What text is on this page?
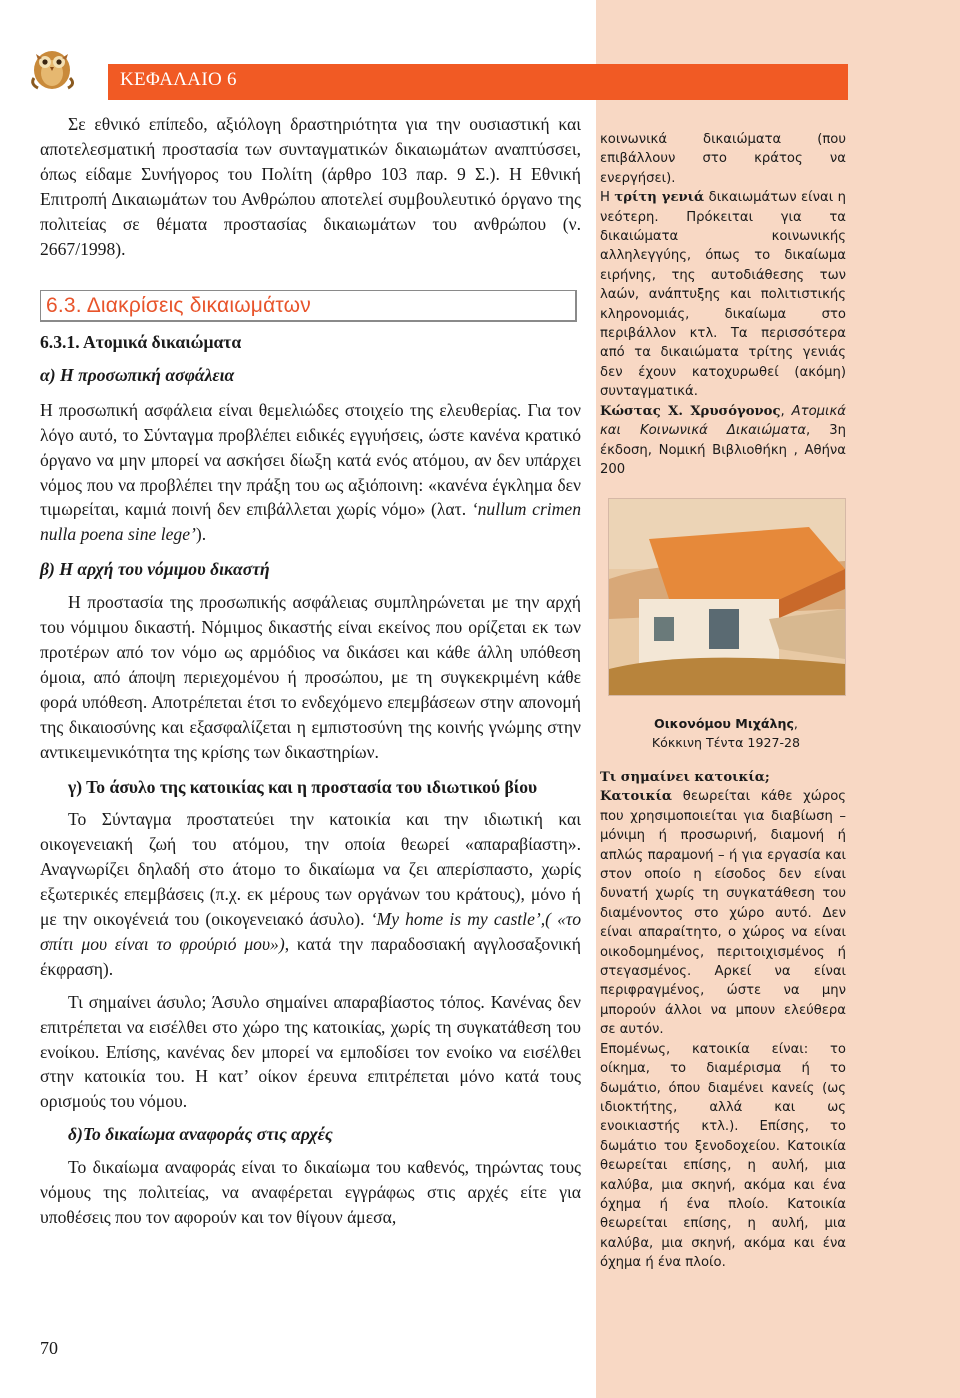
ΚΕΦΑΛΑΙΟ 6

Σε εθνικό επίπεδο, αξιόλογη δραστηριότητα για την ουσιαστική και αποτελεσματική προστασία των συνταγματικών δικαιωμάτων αναπτύσσει, όπως είδαμε Συνήγορος του Πολίτη (άρθρο 103 παρ. 9 Σ.). Η Εθνική Επιτροπή Δικαιωμάτων του Ανθρώπου αποτελεί συμβουλευτικό όργανο της πολιτείας σε θέματα προστασίας δικαιωμάτων του ανθρώπου (ν. 2667/1998).

6.3. Διακρίσεις δικαιωμάτων

6.3.1. Ατομικά δικαιώματα

α) Η προσωπική ασφάλεια

Η προσωπική ασφάλεια είναι θεμελιώδες στοιχείο της ελευθερίας. Για τον λόγο αυτό, το Σύνταγμα προβλέπει ειδικές εγγυήσεις, ώστε κανένα κρατικό όργανο να μην μπορεί να ασκήσει δίωξη κατά ενός ατόμου, αν δεν υπάρχει νόμος που να προβλέπει την πράξη του ως αξιόποινη: «κανένα έγκλημα δεν τιμωρείται, καμιά ποινή δεν επιβάλλεται χωρίς νόμο» (λατ. ‘nullum crimen nulla poena sine lege’).

β) Η αρχή του νόμιμου δικαστή

Η προστασία της προσωπικής ασφάλειας συμπληρώνεται με την αρχή του νόμιμου δικαστή. Νόμιμος δικαστής είναι εκείνος που ορίζεται εκ των προτέρων από τον νόμο ως αρμόδιος να δικάσει και κάθε άλλη υπόθεση όμοια, από άποψη περιεχομένου ή προσώπου, με τη συγκεκριμένη κάθε φορά υπόθεση. Αποτρέπεται έτσι το ενδεχόμενο επεμβάσεων στην απονομή της δικαιοσύνης και εξασφαλίζεται η εμπιστοσύνη της κοινής γνώμης στην αντικειμενικότητα της κρίσης των δικαστηρίων.

γ) Το άσυλο της κατοικίας και η προστασία του ιδιωτικού βίου

Το Σύνταγμα προστατεύει την κατοικία και την ιδιωτική και οικογενειακή ζωή του ατόμου, την οποία θεωρεί «απαραβίαστη». Αναγνωρίζει δηλαδή στο άτομο το δικαίωμα να ζει απερίσπαστο, χωρίς εξωτερικές επεμβάσεις (π.χ. εκ μέρους των οργάνων του κράτους), μόνο ή με την οικογένειά του (οικογενειακό άσυλο). ‘My home is my castle’,( «το σπίτι μου είναι το φρούριό μου»), κατά την παραδοσιακή αγγλοσαξονική έκφραση).

Τι σημαίνει άσυλο; Άσυλο σημαίνει απαραβίαστος τόπος. Κανένας δεν επιτρέπεται να εισέλθει στο χώρο της κατοικίας, χωρίς τη συγκατάθεση του ενοίκου. Επίσης, κανένας δεν μπορεί να εμποδίσει τον ενοίκο να εισέλθει στην κατοικία του. Η κατ’ οίκον έρευνα επιτρέπεται μόνο κατά τους ορισμούς του νόμου.

δ)Το δικαίωμα αναφοράς στις αρχές

Το δικαίωμα αναφοράς είναι το δικαίωμα του καθενός, τηρώντας τους νόμους της πολιτείας, να αναφέρεται εγγράφως στις αρχές είτε για υποθέσεις που τον αφορούν και τον θίγουν άμεσα,

κοινωνικά δικαιώματα (που επιβάλλουν στο κράτος να ενεργήσει).

Η τρίτη γενιά δικαιωμάτων είναι η νεότερη. Πρόκειται για τα δικαιώματα κοινωνικής αλληλεγγύης, όπως το δικαίωμα ειρήνης, της αυτοδιάθεσης των λαών, ανάπτυξης και πολιτιστικής κληρονομιάς, δικαίωμα στο περιβάλλον κτλ. Τα περισσότερα από τα δικαιώματα τρίτης γενιάς δεν έχουν κατοχυρωθεί (ακόμη) συνταγματικά.

Κώστας Χ. Χρυσόγονος, Ατομικά και Κοινωνικά Δικαιώματα, 3η έκδοση, Νομική Βιβλιοθήκη , Αθήνα 200

Οικονόμου Μιχάλης,
Κόκκινη Τέντα 1927-28

Τι σημαίνει κατοικία;

Κατοικία θεωρείται κάθε χώρος που χρησιμοποιείται για διαβίωση – μόνιμη ή προσωρινή, διαμονή ή απλώς παραμονή – ή για εργασία και στον οποίο η είσοδος δεν είναι δυνατή χωρίς τη συγκατάθεση του διαμένοντος στο χώρο αυτό. Δεν είναι απαραίτητο, ο χώρος να είναι οικοδομημένος, περιτοιχισμένος ή στεγασμένος. Αρκεί να είναι περιφραγμένος, ώστε να μην μπορούν άλλοι να μπουν ελεύθερα σε αυτόν.

Επομένως, κατοικία είναι: το οίκημα, το διαμέρισμα ή το δωμάτιο, όπου διαμένει κανείς (ως ιδιοκτήτης, αλλά και ως ενοικιαστής κτλ.). Επίσης, το δωμάτιο του ξενοδοχείου. Κατοικία θεωρείται επίσης, η αυλή, μια καλύβα, μια σκηνή, ακόμα και ένα όχημα ή ένα πλοίο. Κατοικία θεωρείται επίσης, η αυλή, μια καλύβα, μια σκηνή, ακόμα και ένα όχημα ή ένα πλοίο.

70
